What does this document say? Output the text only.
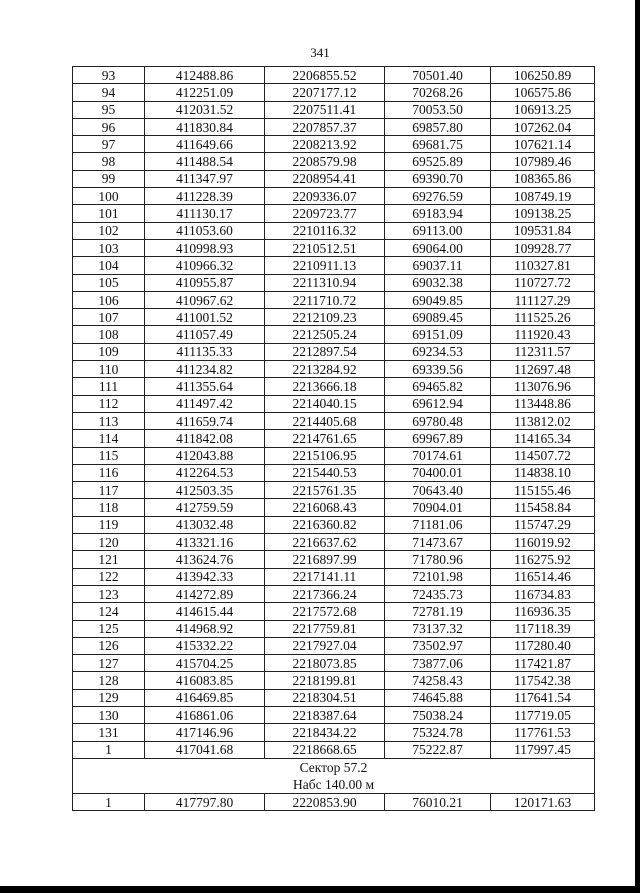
341
93	412488.86	2206855.52	70501.40	106250.89
94	412251.09	2207177.12	70268.26	106575.86
95	412031.52	2207511.41	70053.50	106913.25
96	411830.84	2207857.37	69857.80	107262.04
97	411649.66	2208213.92	69681.75	107621.14
98	411488.54	2208579.98	69525.89	107989.46
99	411347.97	2208954.41	69390.70	108365.86
100	411228.39	2209336.07	69276.59	108749.19
101	411130.17	2209723.77	69183.94	109138.25
102	411053.60	2210116.32	69113.00	109531.84
103	410998.93	2210512.51	69064.00	109928.77
104	410966.32	2210911.13	69037.11	110327.81
105	410955.87	2211310.94	69032.38	110727.72
106	410967.62	2211710.72	69049.85	111127.29
107	411001.52	2212109.23	69089.45	111525.26
108	411057.49	2212505.24	69151.09	111920.43
109	411135.33	2212897.54	69234.53	112311.57
110	411234.82	2213284.92	69339.56	112697.48
111	411355.64	2213666.18	69465.82	113076.96
112	411497.42	2214040.15	69612.94	113448.86
113	411659.74	2214405.68	69780.48	113812.02
114	411842.08	2214761.65	69967.89	114165.34
115	412043.88	2215106.95	70174.61	114507.72
116	412264.53	2215440.53	70400.01	114838.10
117	412503.35	2215761.35	70643.40	115155.46
118	412759.59	2216068.43	70904.01	115458.84
119	413032.48	2216360.82	71181.06	115747.29
120	413321.16	2216637.62	71473.67	116019.92
121	413624.76	2216897.99	71780.96	116275.92
122	413942.33	2217141.11	72101.98	116514.46
123	414272.89	2217366.24	72435.73	116734.83
124	414615.44	2217572.68	72781.19	116936.35
125	414968.92	2217759.81	73137.32	117118.39
126	415332.22	2217927.04	73502.97	117280.40
127	415704.25	2218073.85	73877.06	117421.87
128	416083.85	2218199.81	74258.43	117542.38
129	416469.85	2218304.51	74645.88	117641.54
130	416861.06	2218387.64	75038.24	117719.05
131	417146.96	2218434.22	75324.78	117761.53
1	417041.68	2218668.65	75222.87	117997.45

Сектор 57.2
Набс 140.00 м				

1	417797.80	2220853.90	76010.21	120171.63
